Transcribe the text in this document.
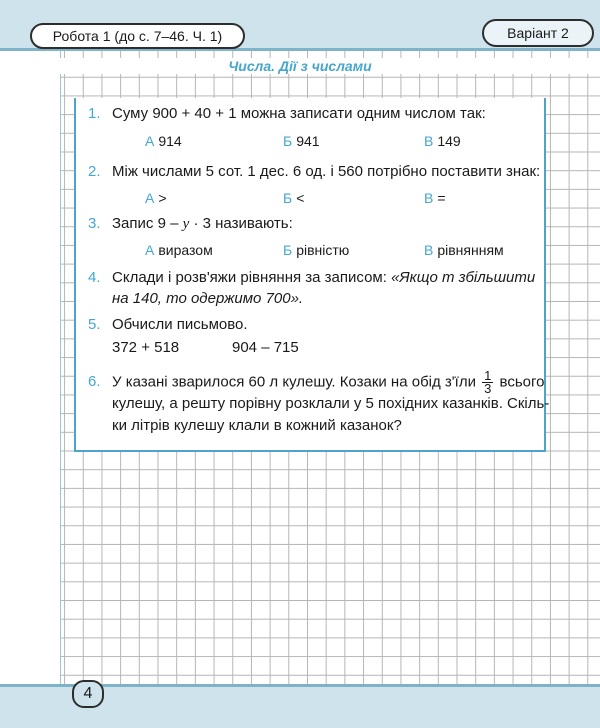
Робота 1 (до с. 7–46. Ч. 1)	Варіант 2
Числа. Дії з числами
1. Суму 900 + 40 + 1 можна записати одним числом так:
А 914	Б 941	В 149
2. Між числами 5 сот. 1 дес. 6 од. і 560 потрібно поставити знак:
А >	Б <	В =
3. Запис 9 – y · 3 називають:
А виразом	Б рівністю	В рівнянням
4. Склади і розв'яжи рівняння за записом: «Якщо m збільшити
на 140, то одержимо 700».
5. Обчисли письмово.
372 + 518	904 – 715
6. У казані зварилося 60 л кулешу. Козаки на обід $з'їли \frac{1}{3}$ всього
кулешу, а решту порівну розклали у 5 похідних казанків. Скіль-
ки літрів кулешу клали в кожний казанок?
4
